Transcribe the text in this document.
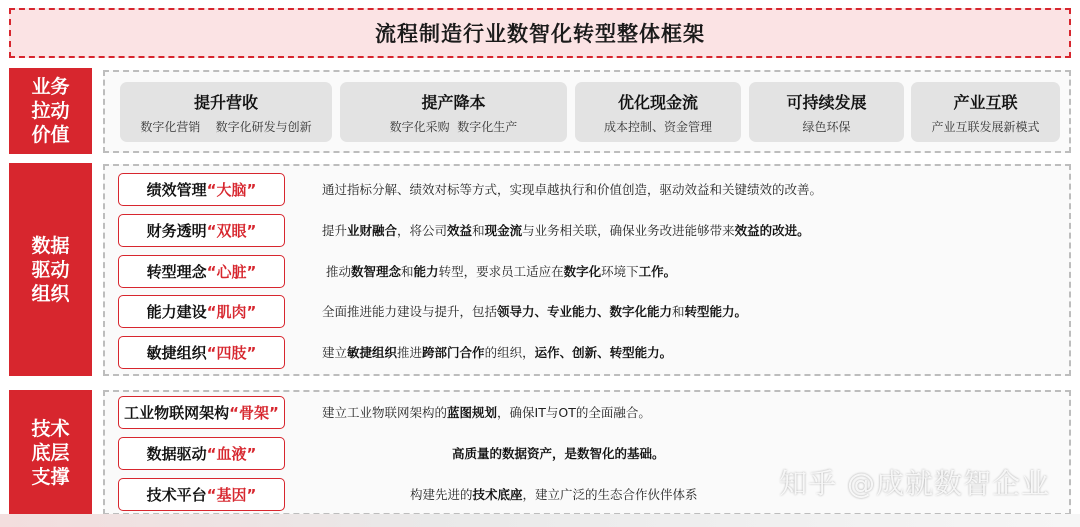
流程制造行业数智化转型整体框架
业务
拉动
价值
提升营收
数字化营销    数字化研发与创新
提产降本
数字化采购  数字化生产
优化现金流
成本控制、资金管理
可持续发展
绿色环保
产业互联
产业互联发展新模式
数据
驱动
组织
技术
底层
支撑
绩效管理 “大脑”	通过指标分解、绩效对标等方式，实现卓越执行和价值创造，驱动效益和关键绩效的改善。
财务透明 “双眼”	提升业财融合，将公司效益和现金流与业务相关联，确保业务改进能够带来效益的改进。
转型理念 “心脏”	推动数智理念和能力转型，要求员工适应在数字化环境下工作。
能力建设 “肌肉”	全面推进能力建设与提升，包括领导力、专业能力、数字化能力和转型能力。
敏捷组织 “四肢”	建立敏捷组织推进跨部门合作的组织，运作、创新、转型能力。
工业物联网架构 “骨架”	建立工业物联网架构的蓝图规划，确保IT与OT的全面融合。
数据驱动 “血液”	高质量的数据资产，是数智化的基础。
技术平台 “基因”	构建先进的技术底座，建立广泛的生态合作伙伴体系	知乎 @成就数智企业
